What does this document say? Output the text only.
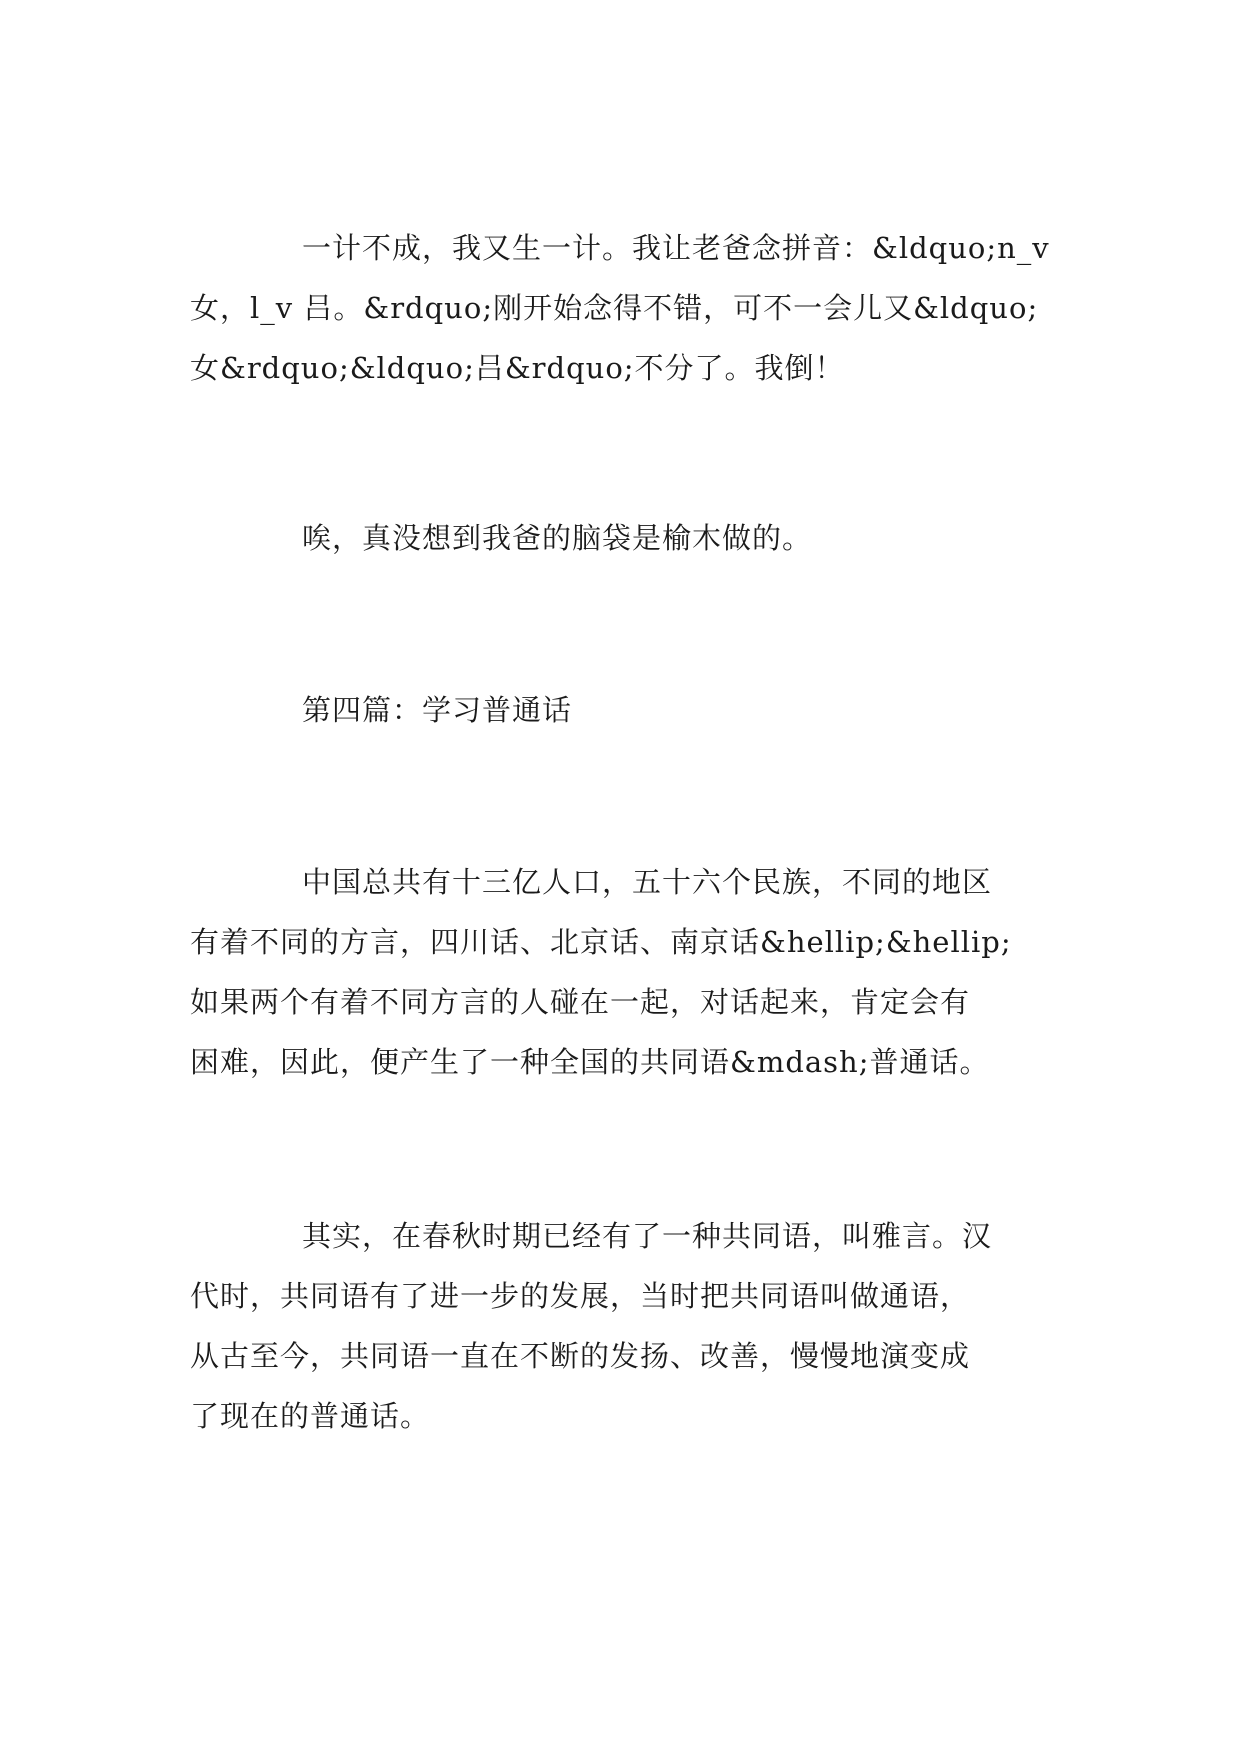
一计不成，我又生一计。我让老爸念拼音：&ldquo;n_v
女，l_v 吕。&rdquo;刚开始念得不错，可不一会儿又&ldquo;
女&rdquo;&ldquo;吕&rdquo;不分了。我倒！
唉，真没想到我爸的脑袋是榆木做的。
第四篇：学习普通话
中国总共有十三亿人口，五十六个民族，不同的地区
有着不同的方言，四川话、北京话、南京话&hellip;&hellip;
如果两个有着不同方言的人碰在一起，对话起来，肯定会有
困难，因此，便产生了一种全国的共同语&mdash;普通话。
其实，在春秋时期已经有了一种共同语，叫雅言。汉
代时，共同语有了进一步的发展，当时把共同语叫做通语，
从古至今，共同语一直在不断的发扬、改善，慢慢地演变成
了现在的普通话。
